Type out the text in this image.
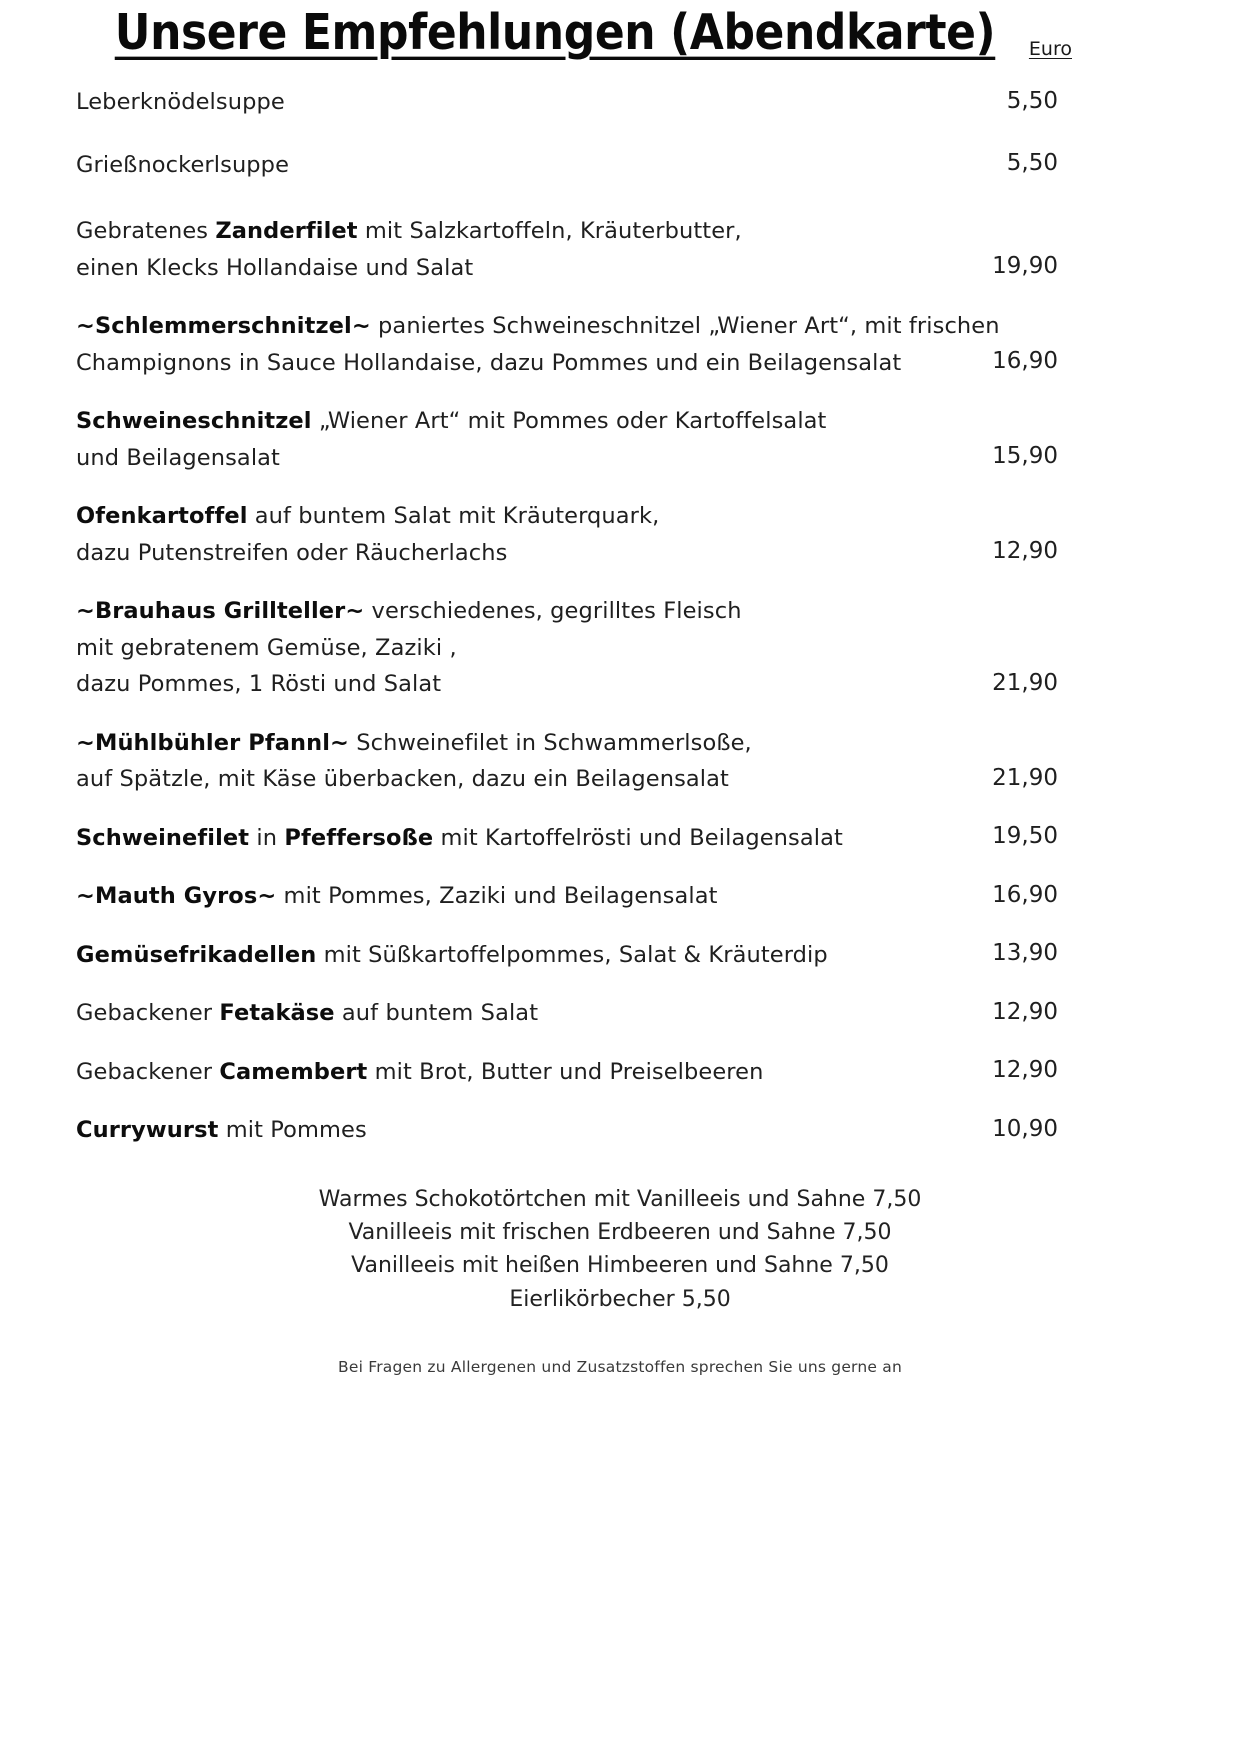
Unsere Empfehlungen (Abendkarte)	Euro
Leberknödelsuppe	5,50
Grießnockerlsuppe	5,50
Gebratenes Zanderfilet mit Salzkartoffeln, Kräuterbutter,
einen Klecks Hollandaise und Salat	19,90
~Schlemmerschnitzel~ paniertes Schweineschnitzel „Wiener Art“, mit frischen
Champignons in Sauce Hollandaise, dazu Pommes und ein Beilagensalat	16,90
Schweineschnitzel „Wiener Art“ mit Pommes oder Kartoffelsalat
und Beilagensalat	15,90
Ofenkartoffel auf buntem Salat mit Kräuterquark,
dazu Putenstreifen oder Räucherlachs	12,90
~Brauhaus Grillteller~ verschiedenes, gegrilltes Fleisch
mit gebratenem Gemüse, Zaziki ,
dazu Pommes, 1 Rösti und Salat	21,90
~Mühlbühler Pfannl~ Schweinefilet in Schwammerlsoße,
auf Spätzle, mit Käse überbacken, dazu ein Beilagensalat	21,90
Schweinefilet in Pfeffersoße mit Kartoffelrösti und Beilagensalat	19,50
~Mauth Gyros~ mit Pommes, Zaziki und Beilagensalat	16,90
Gemüsefrikadellen mit Süßkartoffelpommes, Salat & Kräuterdip	13,90
Gebackener Fetakäse auf buntem Salat	12,90
Gebackener Camembert mit Brot, Butter und Preiselbeeren	12,90
Currywurst mit Pommes	10,90
Warmes Schokotörtchen mit Vanilleeis und Sahne 7,50
Vanilleeis mit frischen Erdbeeren und Sahne 7,50
Vanilleeis mit heißen Himbeeren und Sahne 7,50
Eierlikörbecher 5,50
Bei Fragen zu Allergenen und Zusatzstoffen sprechen Sie uns gerne an
